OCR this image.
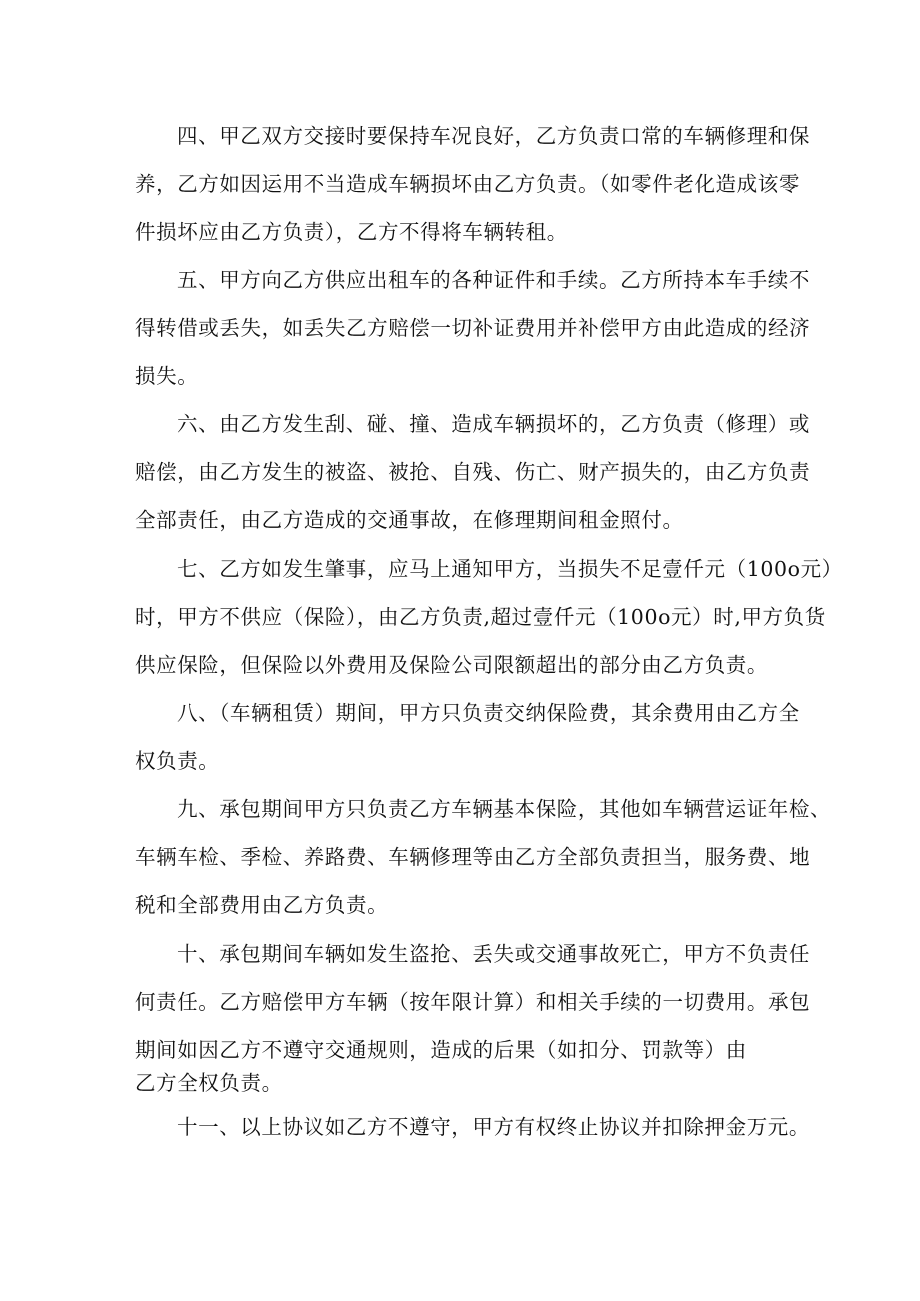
四、甲乙双方交接时要保持车况良好，乙方负责口常的车辆修理和保
养，乙方如因运用不当造成车辆损坏由乙方负责。（如零件老化造成该零
件损坏应由乙方负责），乙方不得将车辆转租。
五、甲方向乙方供应出租车的各种证件和手续。乙方所持本车手续不
得转借或丢失，如丢失乙方赔偿一切补证费用并补偿甲方由此造成的经济
损失。
六、由乙方发生刮、碰、撞、造成车辆损坏的，乙方负责（修理）或
赔偿，由乙方发生的被盗、被抢、自残、伤亡、财产损失的，由乙方负责
全部责任，由乙方造成的交通事故，在修理期间租金照付。
七、乙方如发生肇事，应马上通知甲方，当损失不足壹仟元（100o元）
时，甲方不供应（保险），由乙方负责,超过壹仟元（100o元）时,甲方负货
供应保险，但保险以外费用及保险公司限额超出的部分由乙方负责。
八、（车辆租赁）期间，甲方只负责交纳保险费，其余费用由乙方全
权负责。
九、承包期间甲方只负责乙方车辆基本保险，其他如车辆营运证年检、
车辆车检、季检、养路费、车辆修理等由乙方全部负责担当，服务费、地
税和全部费用由乙方负责。
十、承包期间车辆如发生盗抢、丢失或交通事故死亡，甲方不负责任
何责任。乙方赔偿甲方车辆（按年限计算）和相关手续的一切费用。承包
期间如因乙方不遵守交通规则，造成的后果（如扣分、罚款等）由
乙方全权负责。
十一、以上协议如乙方不遵守，甲方有权终止协议并扣除押金万元。
